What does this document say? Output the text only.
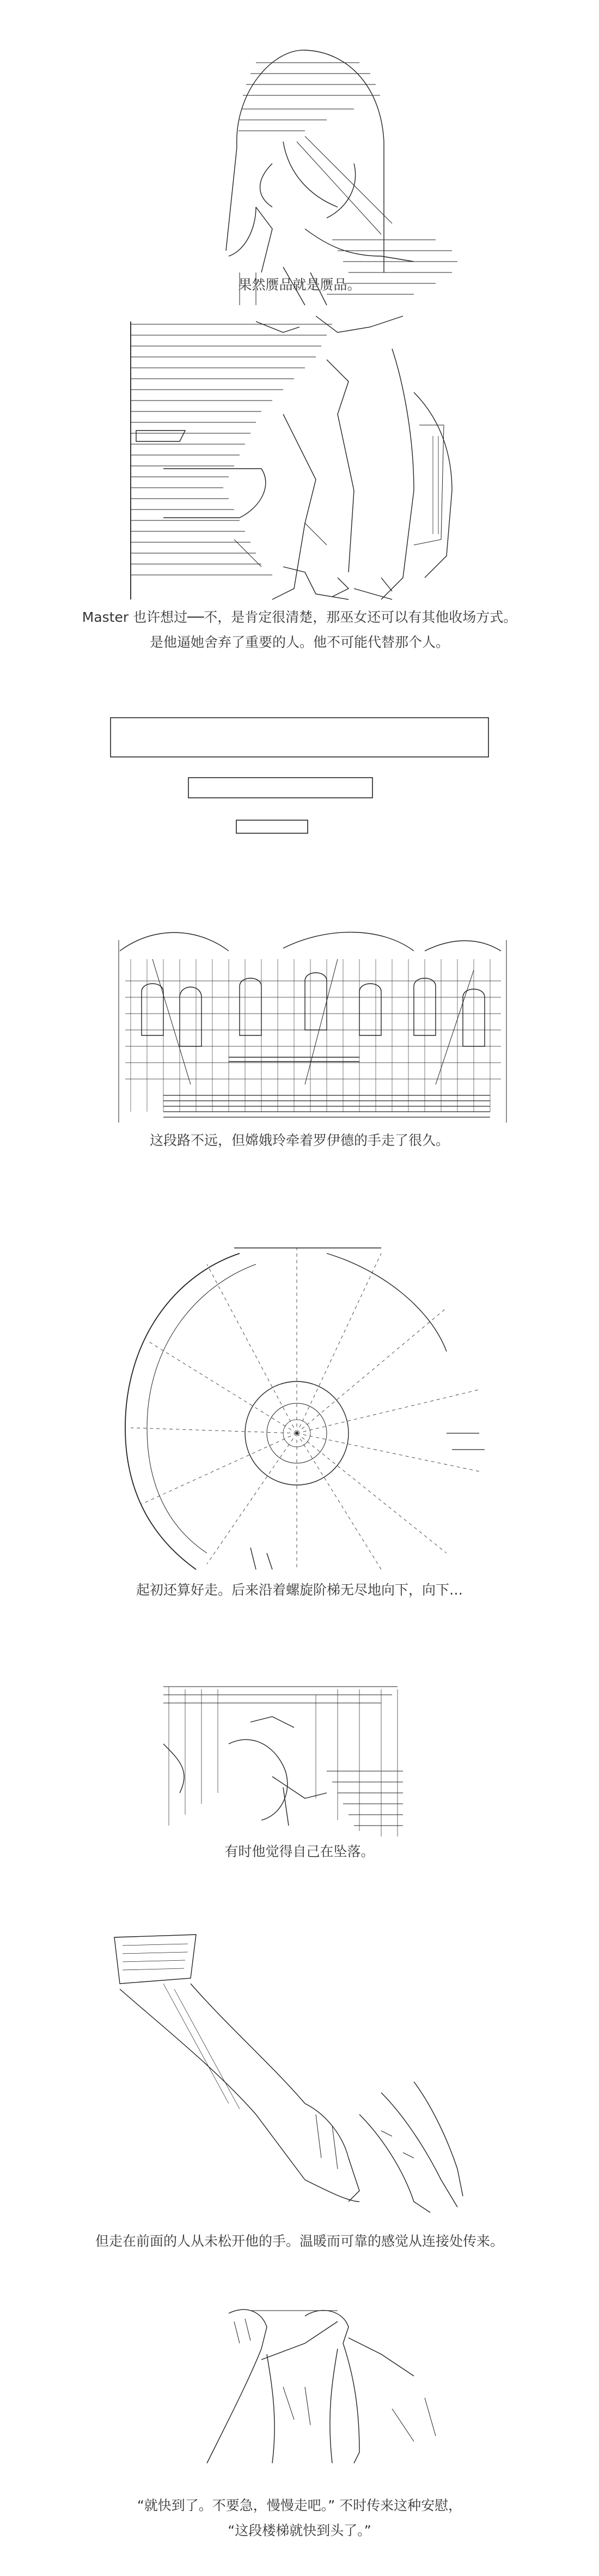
果然赝品就是赝品。
Master 也许想过──不，是肯定很清楚，那巫女还可以有其他收场方式。
是他逼她舍弃了重要的人。他不可能代替那个人。
这段路不远，但嫦娥玲牵着罗伊德的手走了很久。
起初还算好走。后来沿着螺旋阶梯无尽地向下，向下…
有时他觉得自己在坠落。
但走在前面的人从未松开他的手。温暖而可靠的感觉从连接处传来。
“就快到了。不要急，慢慢走吧。” 不时传来这种安慰，
“这段楼梯就快到头了。”
